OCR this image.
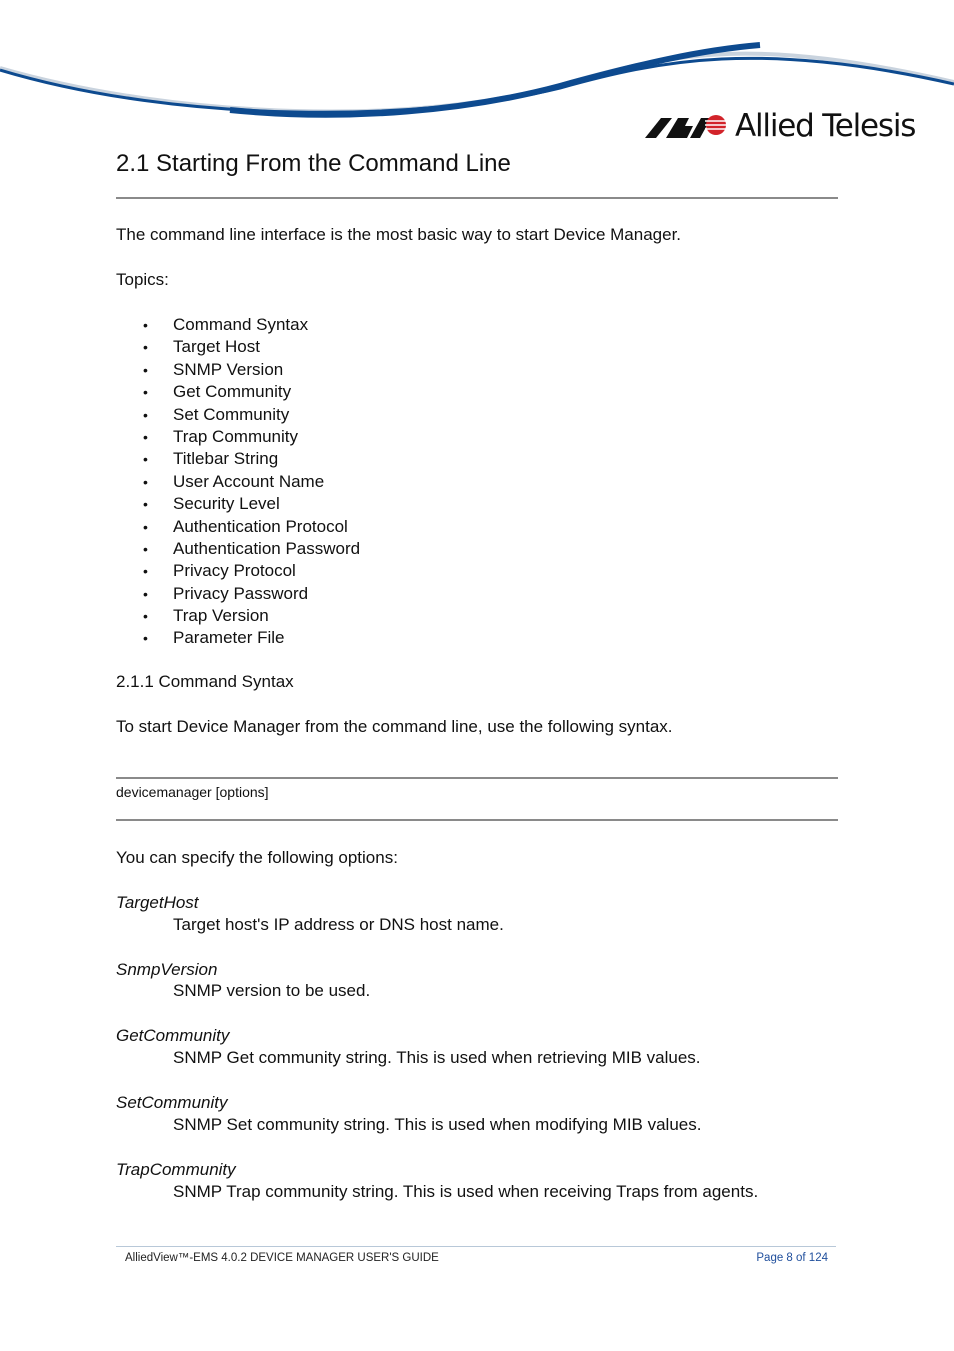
Allied Telesis
2.1 Starting From the Command Line

The command line interface is the most basic way to start Device Manager.

Topics:

• Command Syntax
• Target Host
• SNMP Version
• Get Community
• Set Community
• Trap Community
• Titlebar String
• User Account Name
• Security Level
• Authentication Protocol
• Authentication Password
• Privacy Protocol
• Privacy Password
• Trap Version
• Parameter File
2.1.1 Command Syntax

To start Device Manager from the command line, use the following syntax.

devicemanager [options]

You can specify the following options:

TargetHost
Target host's IP address or DNS host name.
SnmpVersion
SNMP version to be used.
GetCommunity
SNMP Get community string. This is used when retrieving MIB values.
SetCommunity
SNMP Set community string. This is used when modifying MIB values.
TrapCommunity
SNMP Trap community string. This is used when receiving Traps from agents.
AlliedView™-EMS 4.0.2 DEVICE MANAGER USER'S GUIDE	Page 8 of 124
